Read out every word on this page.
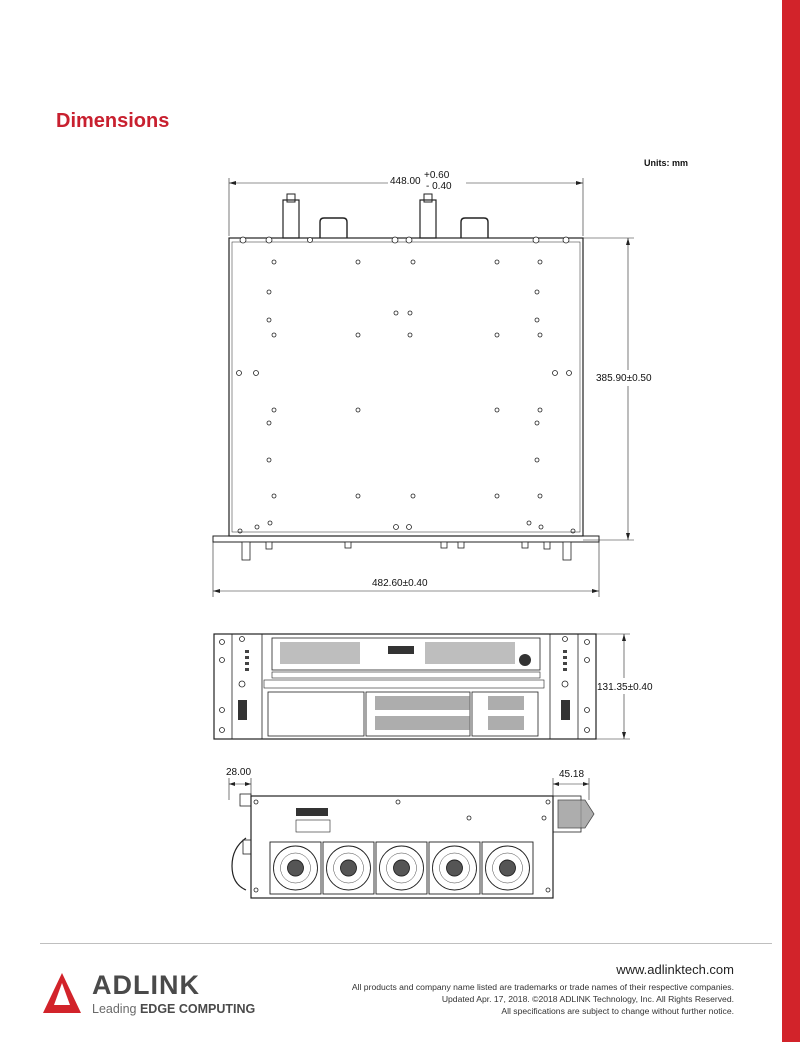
Dimensions
Units: mm
448.00
+0.60
- 0.40
385.90±0.50
482.60±0.40
131.35±0.40
28.00	45.18
ADLINK
Leading EDGE COMPUTING
www.adlinktech.com
All products and company name listed are trademarks or trade names of their respective companies.
Updated Apr. 17, 2018. ©2018 ADLINK Technology, Inc. All Rights Reserved.
All specifications are subject to change without further notice.
